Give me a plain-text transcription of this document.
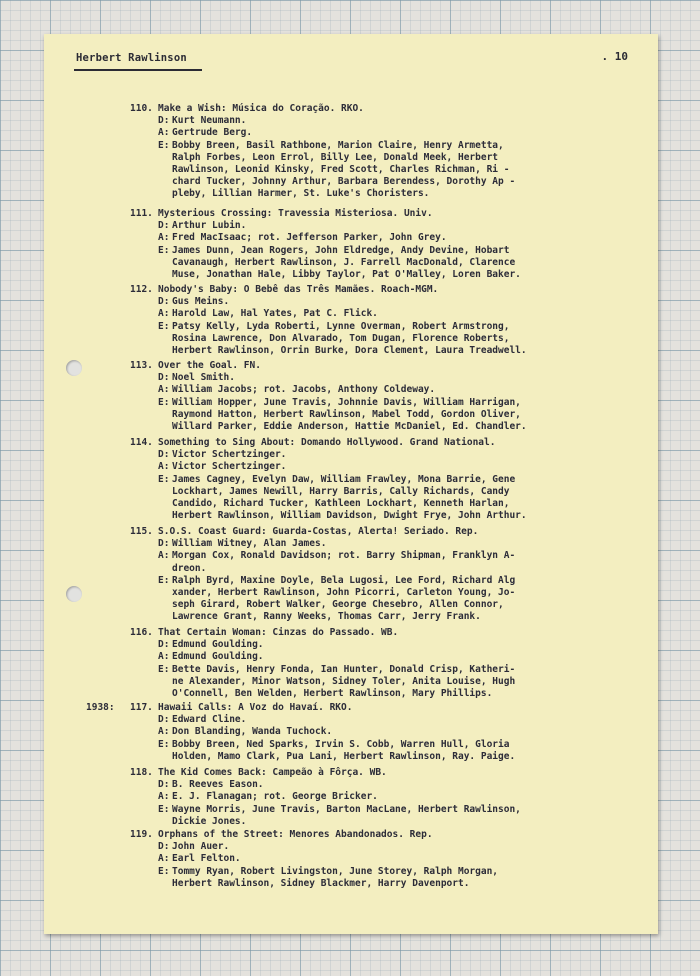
Herbert Rawlinson	. 10
110. Make a Wish: Música do Coração. RKO.
D: Kurt Neumann.
A: Gertrude Berg.
E: Bobby Breen, Basil Rathbone, Marion Claire, Henry Armetta,
Ralph Forbes, Leon Errol, Billy Lee, Donald Meek, Herbert
Rawlinson, Leonid Kinsky, Fred Scott, Charles Richman, Ri -
chard Tucker, Johnny Arthur, Barbara Berendess, Dorothy Ap -
pleby, Lillian Harmer, St. Luke's Choristers.
111. Mysterious Crossing: Travessia Misteriosa. Univ.
D: Arthur Lubin.
A: Fred MacIsaac; rot. Jefferson Parker, John Grey.
E: James Dunn, Jean Rogers, John Eldredge, Andy Devine, Hobart
Cavanaugh, Herbert Rawlinson, J. Farrell MacDonald, Clarence
Muse, Jonathan Hale, Libby Taylor, Pat O'Malley, Loren Baker.
112. Nobody's Baby: O Bebê das Três Mamães. Roach-MGM.
D: Gus Meins.
A: Harold Law, Hal Yates, Pat C. Flick.
E: Patsy Kelly, Lyda Roberti, Lynne Overman, Robert Armstrong,
Rosina Lawrence, Don Alvarado, Tom Dugan, Florence Roberts,
Herbert Rawlinson, Orrin Burke, Dora Clement, Laura Treadwell.
113. Over the Goal. FN.
D: Noel Smith.
A: William Jacobs; rot. Jacobs, Anthony Coldeway.
E: William Hopper, June Travis, Johnnie Davis, William Harrigan,
Raymond Hatton, Herbert Rawlinson, Mabel Todd, Gordon Oliver,
Willard Parker, Eddie Anderson, Hattie McDaniel, Ed. Chandler.
114. Something to Sing About: Domando Hollywood. Grand National.
D: Victor Schertzinger.
A: Victor Schertzinger.
E: James Cagney, Evelyn Daw, William Frawley, Mona Barrie, Gene
Lockhart, James Newill, Harry Barris, Cally Richards, Candy
Candido, Richard Tucker, Kathleen Lockhart, Kenneth Harlan,
Herbert Rawlinson, William Davidson, Dwight Frye, John Arthur.
115. S.O.S. Coast Guard: Guarda-Costas, Alerta! Seriado. Rep.
D: William Witney, Alan James.
A: Morgan Cox, Ronald Davidson; rot. Barry Shipman, Franklyn A-
dreon.
E: Ralph Byrd, Maxine Doyle, Bela Lugosi, Lee Ford, Richard Alg
xander, Herbert Rawlinson, John Picorri, Carleton Young, Jo-
seph Girard, Robert Walker, George Chesebro, Allen Connor,
Lawrence Grant, Ranny Weeks, Thomas Carr, Jerry Frank.
116. That Certain Woman: Cinzas do Passado. WB.
D: Edmund Goulding.
A: Edmund Goulding.
E: Bette Davis, Henry Fonda, Ian Hunter, Donald Crisp, Katheri-
ne Alexander, Minor Watson, Sidney Toler, Anita Louise, Hugh
O'Connell, Ben Welden, Herbert Rawlinson, Mary Phillips.
1938: 117. Hawaii Calls: A Voz do Havaí. RKO.
D: Edward Cline.
A: Don Blanding, Wanda Tuchock.
E: Bobby Breen, Ned Sparks, Irvin S. Cobb, Warren Hull, Gloria
Holden, Mamo Clark, Pua Lani, Herbert Rawlinson, Ray. Paige.
118. The Kid Comes Back: Campeão à Fôrça. WB.
D: B. Reeves Eason.
A: E. J. Flanagan; rot. George Bricker.
E: Wayne Morris, June Travis, Barton MacLane, Herbert Rawlinson,
Dickie Jones.
119. Orphans of the Street: Menores Abandonados. Rep.
D: John Auer.
A: Earl Felton.
E: Tommy Ryan, Robert Livingston, June Storey, Ralph Morgan,
Herbert Rawlinson, Sidney Blackmer, Harry Davenport.
